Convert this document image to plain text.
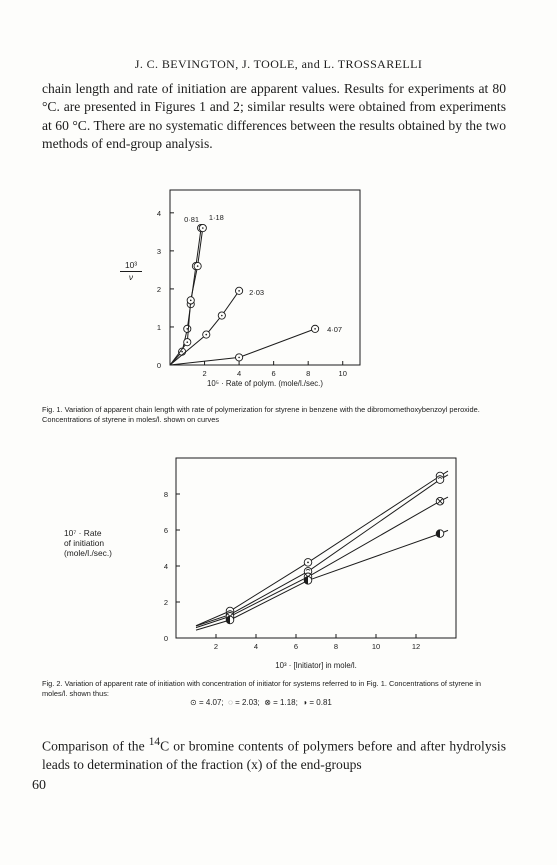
J. C. BEVINGTON, J. TOOLE, and L. TROSSARELLI
chain length and rate of initiation are apparent values. Results for experiments at 80 °C. are presented in Figures 1 and 2; similar results were obtained from experiments at 60 °C. There are no systematic differences between the results obtained by the two methods of end-group analysis.
2	4	6	8	10
0
1
2
3
4
0·81 1·18
2·03
4·07
10⁵ · Rate of polym. (mole/l./sec.)
10³
ν
Fig. 1. Variation of apparent chain length with rate of polymerization for styrene in benzene with the dibromomethoxybenzoyl peroxide. Concentrations of styrene in moles/l. shown on curves
2	4	6	8	10	12
0
2
4
6
8
10³ · [Initiator] in mole/l.
10⁷ · Rate
of initiation
(mole/l./sec.)
Fig. 2. Variation of apparent rate of initiation with concentration of initiator for systems referred to in Fig. 1. Concentrations of styrene in moles/l. shown thus:
⊙ = 4.07; ◌ = 2.03; ⊗ = 1.18; ◑ = 0.81
Comparison of the $^{14}$C or bromine contents of polymers before and after hydrolysis leads to determination of the fraction (x) of the end-groups
60
